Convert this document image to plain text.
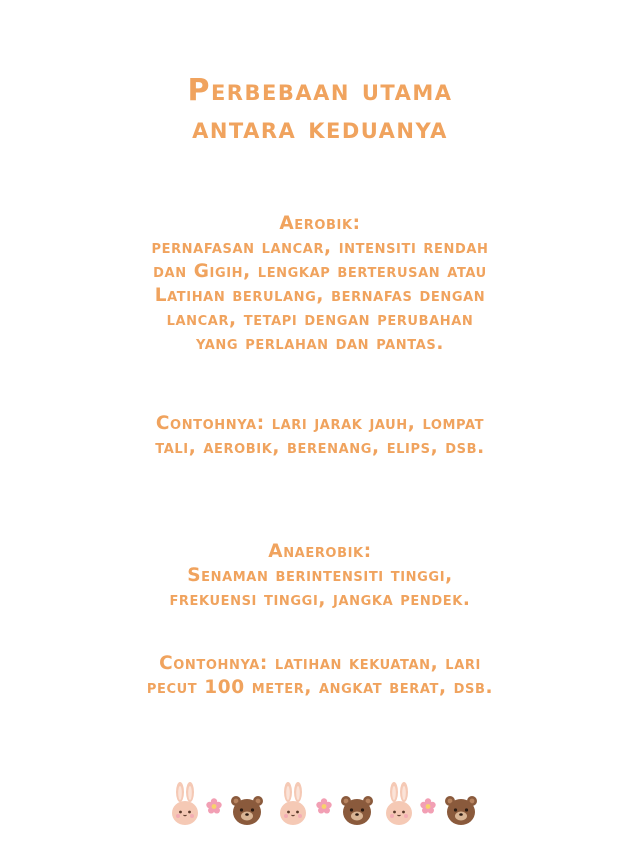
Perbebaan utama
antara keduanya
Aerobik:
pernafasan lancar, intensiti rendah
dan Gigih, lengkap berterusan atau
Latihan berulang, bernafas dengan
lancar, tetapi dengan perubahan
yang perlahan dan pantas.
Contohnya: lari jarak jauh, lompat
tali, aerobik, berenang, elips, dsb.
Anaerobik:
Senaman berintensiti tinggi,
frekuensi tinggi, jangka pendek.
Contohnya: latihan kekuatan, lari
pecut 100 meter, angkat berat, dsb.
